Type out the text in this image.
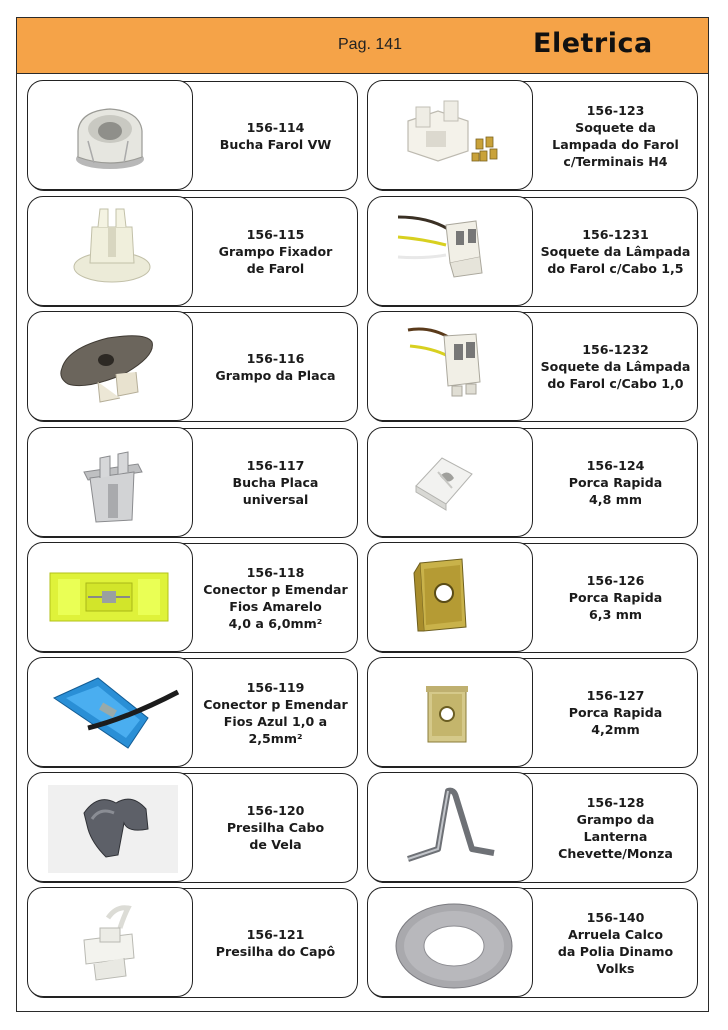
Pag. 141	Eletrica
156-114
Bucha Farol VW
156-123
Soquete da
Lampada do Farol
c/Terminais H4
156-115
Grampo Fixador
de Farol
156-1231
Soquete da Lâmpada
do Farol c/Cabo 1,5
156-116
Grampo da Placa
156-1232
Soquete da Lâmpada
do Farol c/Cabo 1,0
156-117
Bucha Placa
universal
156-124
Porca Rapida
4,8 mm
156-118
Conector p Emendar
Fios Amarelo
4,0 a 6,0mm²
156-126
Porca Rapida
6,3 mm
156-119
Conector p Emendar
Fios Azul 1,0 a
2,5mm²
156-127
Porca Rapida
4,2mm
156-120
Presilha Cabo
de Vela
156-128
Grampo da
Lanterna
Chevette/Monza
156-121
Presilha do Capô
156-140
Arruela Calco
da Polia Dinamo
Volks
